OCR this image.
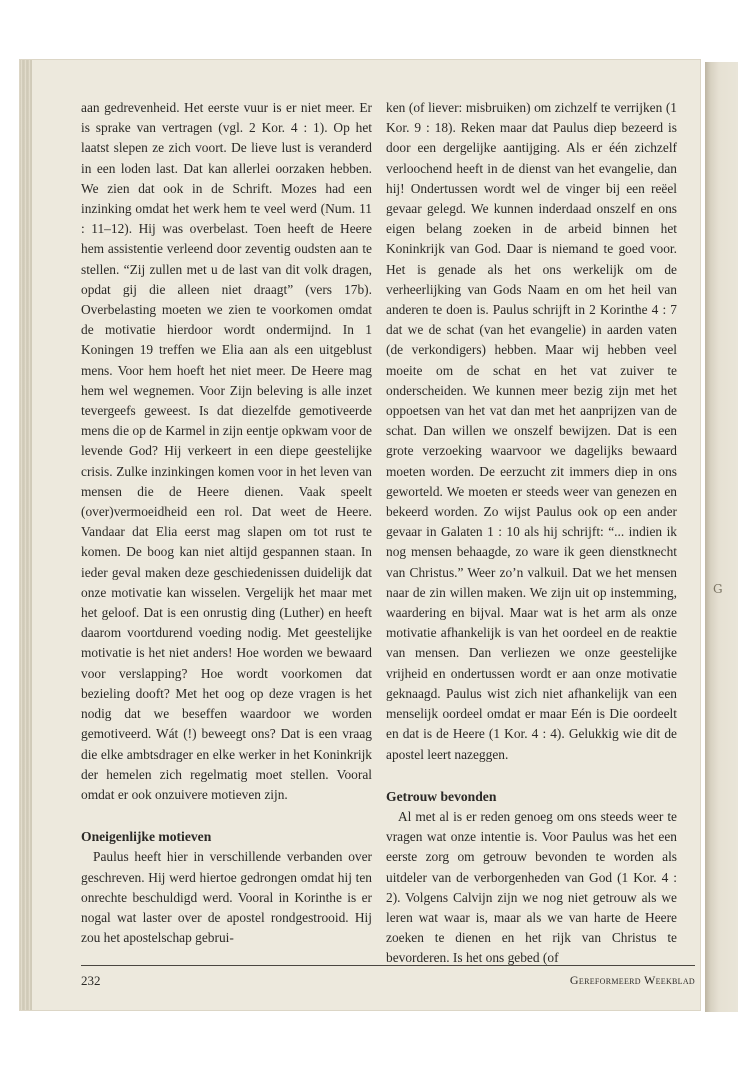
G

aan gedrevenheid. Het eerste vuur is er niet meer. Er is sprake van vertragen (vgl. 2 Kor. 4 : 1). Op het laatst slepen ze zich voort. De lieve lust is veranderd in een loden last. Dat kan allerlei oorzaken hebben. We zien dat ook in de Schrift. Mozes had een inzinking omdat het werk hem te veel werd (Num. 11 : 11–12). Hij was overbelast. Toen heeft de Heere hem assistentie verleend door zeventig oudsten aan te stellen. “Zij zullen met u de last van dit volk dragen, opdat gij die alleen niet draagt” (vers 17b). Overbelasting moeten we zien te voorkomen omdat de motivatie hierdoor wordt ondermijnd. In 1 Koningen 19 treffen we Elia aan als een uitgeblust mens. Voor hem hoeft het niet meer. De Heere mag hem wel wegnemen. Voor Zijn beleving is alle inzet tevergeefs geweest. Is dat diezelfde gemotiveerde mens die op de Karmel in zijn eentje opkwam voor de levende God? Hij verkeert in een diepe geestelijke crisis. Zulke inzinkingen komen voor in het leven van mensen die de Heere dienen. Vaak speelt (over)vermoeidheid een rol. Dat weet de Heere. Vandaar dat Elia eerst mag slapen om tot rust te komen. De boog kan niet altijd gespannen staan. In ieder geval maken deze geschiedenissen duidelijk dat onze motivatie kan wisselen. Vergelijk het maar met het geloof. Dat is een onrustig ding (Luther) en heeft daarom voortdurend voeding nodig. Met geestelijke motivatie is het niet anders! Hoe worden we bewaard voor verslapping? Hoe wordt voorkomen dat bezieling dooft? Met het oog op deze vragen is het nodig dat we beseffen waardoor we worden gemotiveerd. Wát (!) beweegt ons? Dat is een vraag die elke ambtsdrager en elke werker in het Koninkrijk der hemelen zich regelmatig moet stellen. Vooral omdat er ook onzuivere motieven zijn.

Oneigenlijke motieven

Paulus heeft hier in verschillende verbanden over geschreven. Hij werd hiertoe gedrongen omdat hij ten onrechte beschuldigd werd. Vooral in Korinthe is er nogal wat laster over de apostel rondgestrooid. Hij zou het apostelschap gebrui-

ken (of liever: misbruiken) om zichzelf te verrijken (1 Kor. 9 : 18). Reken maar dat Paulus diep bezeerd is door een dergelijke aantijging. Als er één zichzelf verloochend heeft in de dienst van het evangelie, dan hij! Ondertussen wordt wel de vinger bij een reëel gevaar gelegd. We kunnen inderdaad onszelf en ons eigen belang zoeken in de arbeid binnen het Koninkrijk van God. Daar is niemand te goed voor. Het is genade als het ons werkelijk om de verheerlijking van Gods Naam en om het heil van anderen te doen is. Paulus schrijft in 2 Korinthe 4 : 7 dat we de schat (van het evangelie) in aarden vaten (de verkondigers) hebben. Maar wij hebben veel moeite om de schat en het vat zuiver te onderscheiden. We kunnen meer bezig zijn met het oppoetsen van het vat dan met het aanprijzen van de schat. Dan willen we onszelf bewijzen. Dat is een grote verzoeking waarvoor we dagelijks bewaard moeten worden. De eerzucht zit immers diep in ons geworteld. We moeten er steeds weer van genezen en bekeerd worden. Zo wijst Paulus ook op een ander gevaar in Galaten 1 : 10 als hij schrijft: “... indien ik nog mensen behaagde, zo ware ik geen dienstknecht van Christus.” Weer zo’n valkuil. Dat we het mensen naar de zin willen maken. We zijn uit op instemming, waardering en bijval. Maar wat is het arm als onze motivatie afhankelijk is van het oordeel en de reaktie van mensen. Dan verliezen we onze geestelijke vrijheid en ondertussen wordt er aan onze motivatie geknaagd. Paulus wist zich niet afhankelijk van een menselijk oordeel omdat er maar Eén is Die oordeelt en dat is de Heere (1 Kor. 4 : 4). Gelukkig wie dit de apostel leert nazeggen.

Getrouw bevonden

Al met al is er reden genoeg om ons steeds weer te vragen wat onze intentie is. Voor Paulus was het een eerste zorg om getrouw bevonden te worden als uitdeler van de verborgenheden van God (1 Kor. 4 : 2). Volgens Calvijn zijn we nog niet getrouw als we leren wat waar is, maar als we van harte de Heere zoeken te dienen en het rijk van Christus te bevorderen. Is het ons gebed (of

232	Gereformeerd Weekblad
